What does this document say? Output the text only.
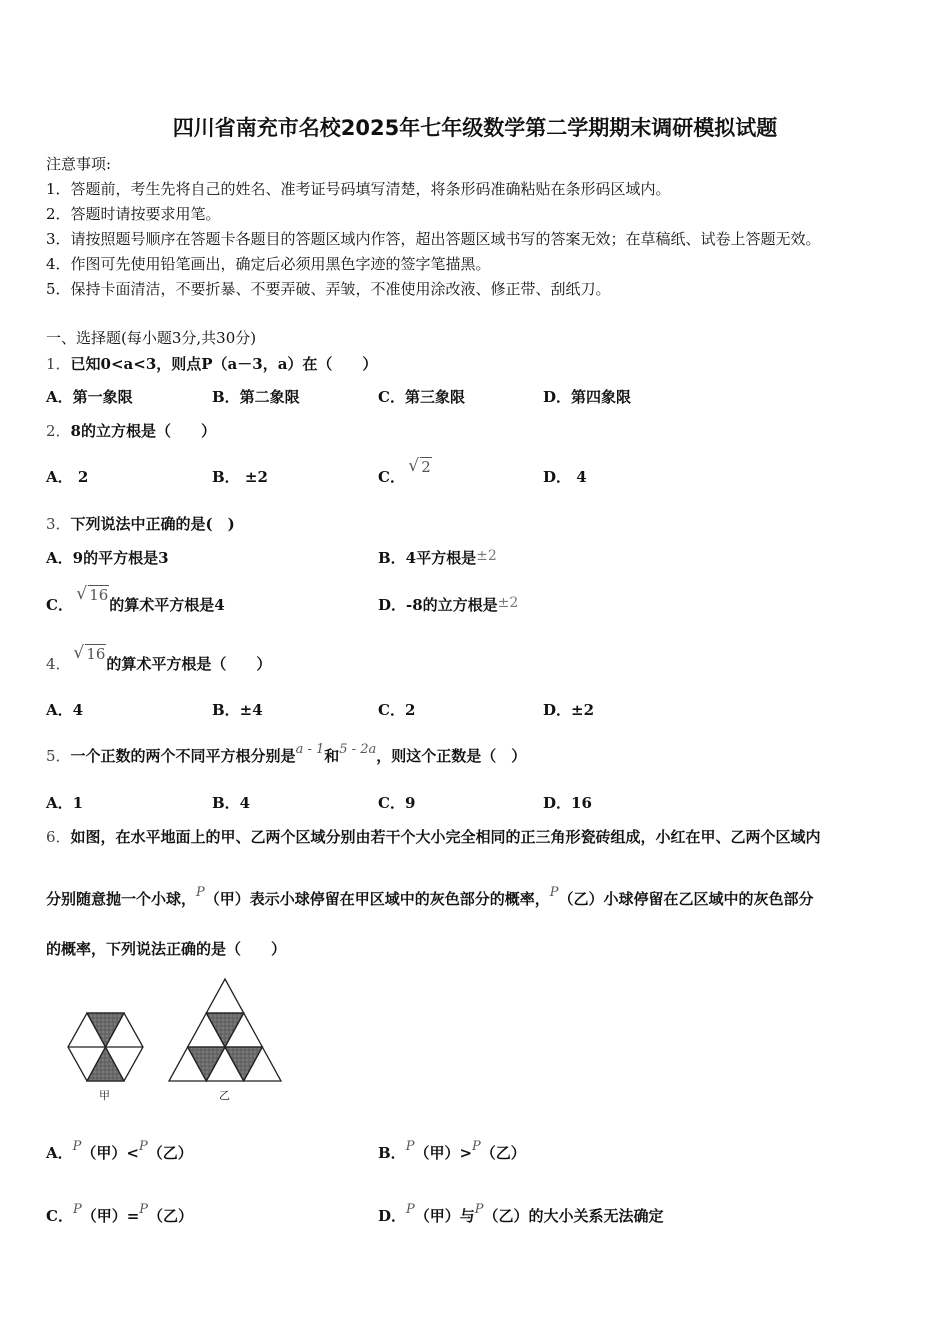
四川省南充市名校2025年七年级数学第二学期期末调研模拟试题
注意事项:
1．答题前，考生先将自己的姓名、准考证号码填写清楚，将条形码准确粘贴在条形码区域内。
2．答题时请按要求用笔。
3．请按照题号顺序在答题卡各题目的答题区域内作答，超出答题区域书写的答案无效；在草稿纸、试卷上答题无效。
4．作图可先使用铅笔画出，确定后必须用黑色字迹的签字笔描黑。
5．保持卡面清洁，不要折暴、不要弄破、弄皱，不准使用涂改液、修正带、刮纸刀。
一、选择题(每小题3分,共30分)
1．已知0<a<3，则点P（a－3，a）在（　　）
A．第一象限	B．第二象限	C．第三象限	D．第四象限
2．8的立方根是（　　）
A． 2	B． ±2	C． √ 2
D． 4
3．下列说法中正确的是(　)
A．9的平方根是3	B．4平方根是±2
C． √ 16的算术平方根是4	D．-8的立方根是±2
4． √ 16的算术平方根是（　　）
A．4	B．±4	C．2	D．±2
5．一个正数的两个不同平方根分别是a - 1和5 - 2a，则这个正数是（　）
A．1	B．4	C．9	D．16
6．如图，在水平地面上的甲、乙两个区域分别由若干个大小完全相同的正三角形瓷砖组成，小红在甲、乙两个区域内
分别随意抛一个小球，P（甲）表示小球停留在甲区域中的灰色部分的概率，P（乙）小球停留在乙区域中的灰色部分
的概率，下列说法正确的是（　　）
甲	乙
A．P（甲）<P（乙）	B．P（甲）>P（乙）
C．P（甲）=P（乙）	D．P（甲）与P（乙）的大小关系无法确定
